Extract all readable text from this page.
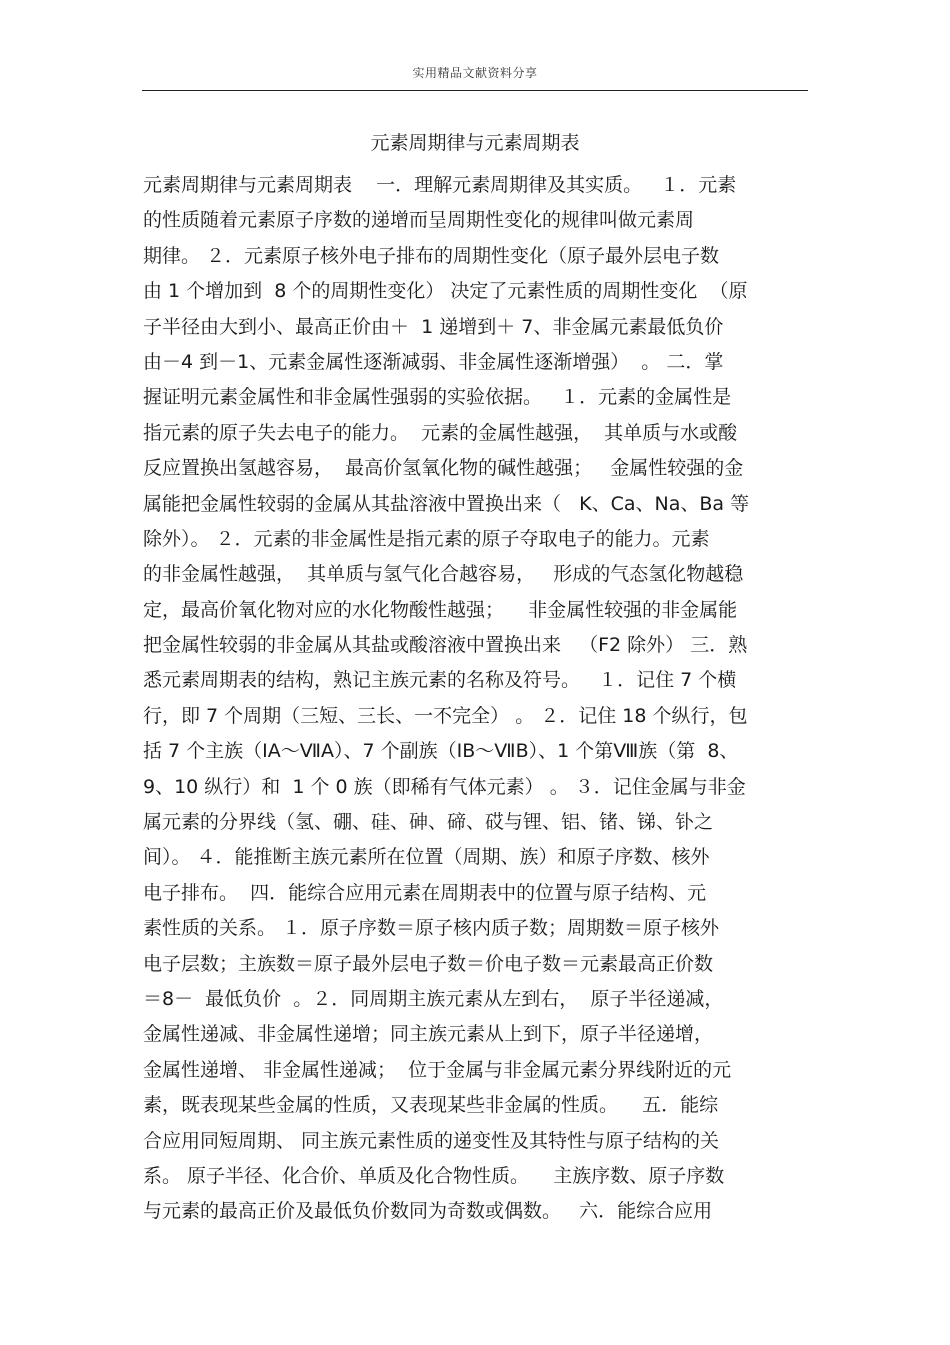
实用精品文献资料分享
元素周期律与元素周期表
元素周期律与元素周期表    一．理解元素周期律及其实质。   １．元素
的性质随着元素原子序数的递增而呈周期性变化的规律叫做元素周
期律。 ２．元素原子核外电子排布的周期性变化（原子最外层电子数
由 1 个增加到  8 个的周期性变化） 决定了元素性质的周期性变化  （原
子半径由大到小、最高正价由＋  1 递增到＋ 7、非金属元素最低负价
由－4 到－1、元素金属性逐渐减弱、非金属性逐渐增强）  。 二．掌
握证明元素金属性和非金属性强弱的实验依据。   １．元素的金属性是
指元素的原子失去电子的能力。  元素的金属性越强，  其单质与水或酸
反应置换出氢越容易，  最高价氢氧化物的碱性越强；   金属性较强的金
属能把金属性较弱的金属从其盐溶液中置换出来（   K、Ca、Na、Ba 等
除外）。 ２．元素的非金属性是指元素的原子夺取电子的能力。元素
的非金属性越强，  其单质与氢气化合越容易，   形成的气态氢化物越稳
定，最高价氧化物对应的水化物酸性越强；    非金属性较强的非金属能
把金属性较弱的非金属从其盐或酸溶液中置换出来   （F2 除外） 三．熟
悉元素周期表的结构，熟记主族元素的名称及符号。   １．记住 7 个横
行，即 7 个周期（三短、三长、一不完全） 。 ２．记住 18 个纵行，包
括 7 个主族（ⅠA～ⅦA）、7 个副族（ⅠB～ⅦB）、1 个第Ⅷ族（第  8、
9、10 纵行）和  1 个 0 族（即稀有气体元素） 。 ３．记住金属与非金
属元素的分界线（氢、硼、硅、砷、碲、砹与锂、铝、锗、锑、钋之
间）。 ４．能推断主族元素所在位置（周期、族）和原子序数、核外
电子排布。  四．能综合应用元素在周期表中的位置与原子结构、元
素性质的关系。 １．原子序数＝原子核内质子数；周期数＝原子核外
电子层数；主族数＝原子最外层电子数＝价电子数＝元素最高正价数
＝8－  最低负价  。２．同周期主族元素从左到右，  原子半径递减，
金属性递减、非金属性递增；同主族元素从上到下，原子半径递增，
金属性递增、 非金属性递减；  位于金属与非金属元素分界线附近的元
素，既表现某些金属的性质，又表现某些非金属的性质。    五．能综
合应用同短周期、 同主族元素性质的递变性及其特性与原子结构的关
系。 原子半径、化合价、单质及化合物性质。    主族序数、原子序数
与元素的最高正价及最低负价数同为奇数或偶数。   六．能综合应用
